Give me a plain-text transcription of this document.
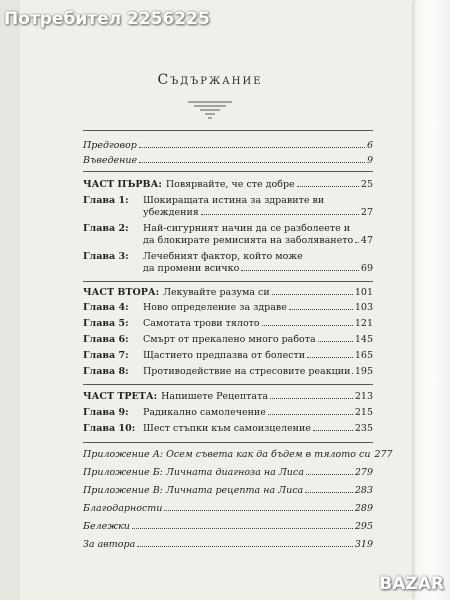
Потребител 2256225
Съдържание
Предговор	6
Въведение	9
ЧАСТ ПЪРВА: Повярвайте, че сте добре	25
Глава 1:	Шокиращата истина за здравите ви
убеждения	27
Глава 2:	Най-сигурният начин да се разболеете и
да блокирате ремисията на заболяването 47
Глава 3:	Лечебният фактор, който може
да промени всичко	69
ЧАСТ ВТОРА: Лекувайте разума си	101
Глава 4:	Ново определение за здраве	103
Глава 5:	Самотата трови тялото	121
Глава 6:	Смърт от прекалено много работа	145
Глава 7:	Щастието предпазва от болести	165
Глава 8:	Противодействие на стресовите реакции 195
ЧАСТ ТРЕТА: Напишете Рецептата	213
Глава 9:	Радикално самолечение	215
Глава 10: Шест стъпки към самоизцеление	235
Приложение А: Осем съвета как да бъдем в тялото си 277
Приложение Б: Личната диагноза на Лиса	279
Приложение В: Личната рецепта на Лиса	283
Благодарности	289
Бележки	295
За автора	319
BAZAR
